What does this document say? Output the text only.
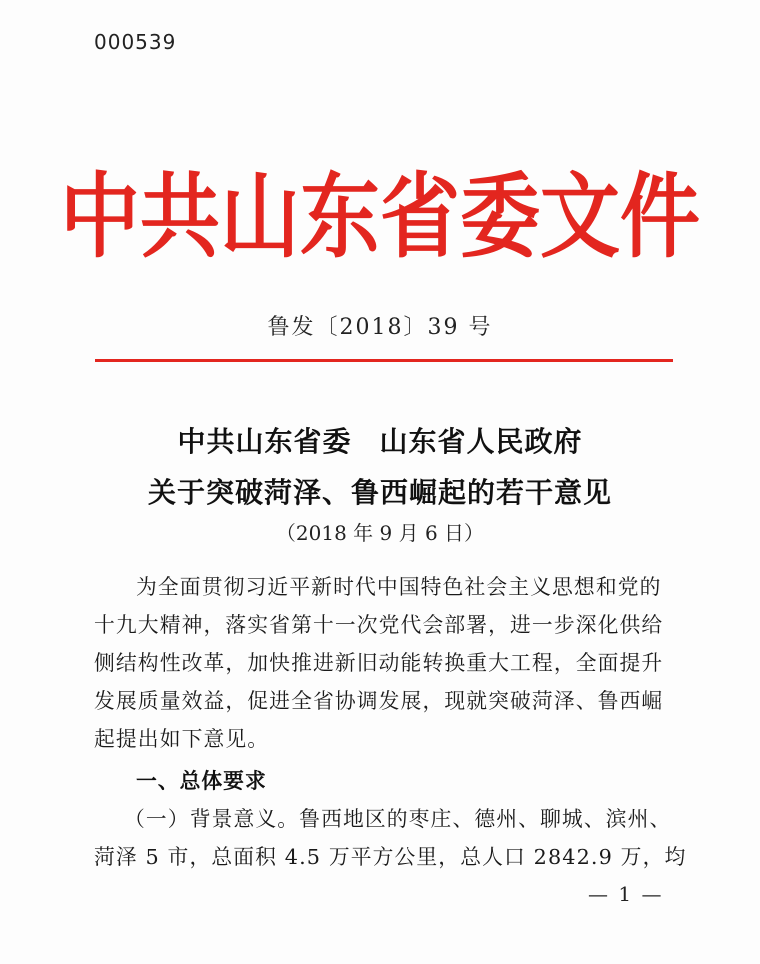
000539
中共山东省委文件
鲁发〔2018〕39 号
中共山东省委 山东省人民政府
关于突破菏泽、鲁西崛起的若干意见
（2018 年 9 月 6 日）
为全面贯彻习近平新时代中国特色社会主义思想和党的
十九大精神，落实省第十一次党代会部署，进一步深化供给
侧结构性改革，加快推进新旧动能转换重大工程，全面提升
发展质量效益，促进全省协调发展，现就突破菏泽、鲁西崛
起提出如下意见。
一、总体要求
（一）背景意义。鲁西地区的枣庄、德州、聊城、滨州、
菏泽 5 市，总面积 4.5 万平方公里，总人口 2842.9 万，均
— 1 —
